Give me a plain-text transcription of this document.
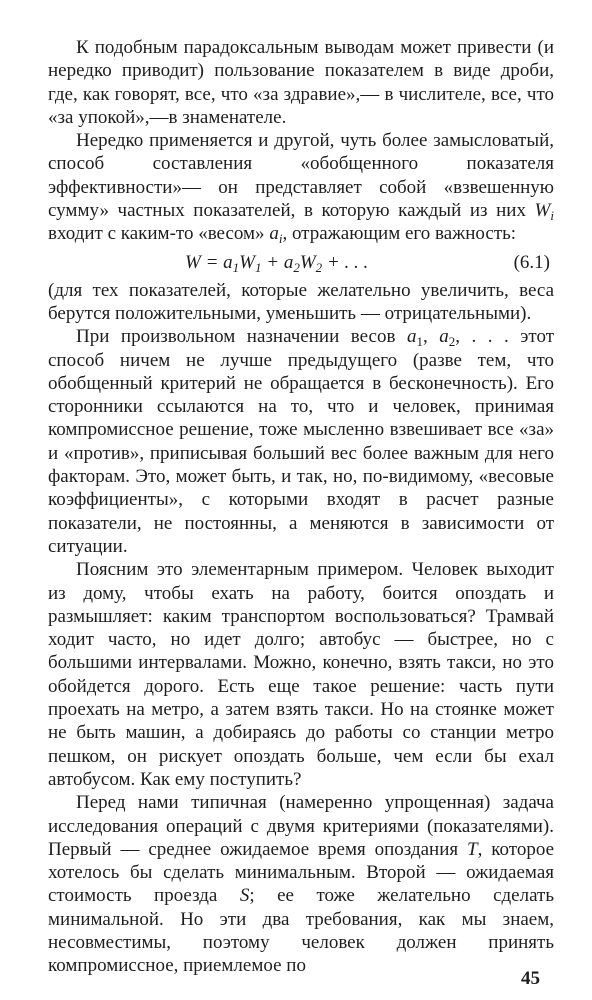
К подобным парадоксальным выводам может привести (и нередко приводит) пользование показателем в виде дроби, где, как говорят, все, что «за здравие»,— в числителе, все, что «за упокой»,—в знаменателе.

Нередко применяется и другой, чуть более замысловатый, способ составления «обобщенного показателя эффективности»— он представляет собой «взвешенную сумму» частных показателей, в которую каждый из них $W_i$ входит с каким-то «весом» $a_i$, отражающим его важность:

$W = a_1W_1 + a_2W_2$ + . . .	(6.1)

(для тех показателей, которые желательно увеличить, веса берутся положительными, уменьшить — отрицательными).

При произвольном назначении весов $a_1$, $a_2$, . . . этот способ ничем не лучше предыдущего (разве тем, что обобщенный критерий не обращается в бесконечность). Его сторонники ссылаются на то, что и человек, принимая компромиссное решение, тоже мысленно взвешивает все «за» и «против», приписывая больший вес более важным для него факторам. Это, может быть, и так, но, по-видимому, «весовые коэффициенты», с которыми входят в расчет разные показатели, не постоянны, а меняются в зависимости от ситуации.

Поясним это элементарным примером. Человек выходит из дому, чтобы ехать на работу, боится опоздать и размышляет: каким транспортом воспользоваться? Трамвай ходит часто, но идет долго; автобус — быстрее, но с большими интервалами. Можно, конечно, взять такси, но это обойдется дорого. Есть еще такое решение: часть пути проехать на метро, а затем взять такси. Но на стоянке может не быть машин, а добираясь до работы со станции метро пешком, он рискует опоздать больше, чем если бы ехал автобусом. Как ему поступить?

Перед нами типичная (намеренно упрощенная) задача исследования операций с двумя критериями (показателями). Первый — среднее ожидаемое время опоздания T, которое хотелось бы сделать минимальным. Второй — ожидаемая стоимость проезда S; ее тоже желательно сделать минимальной. Но эти два требования, как мы знаем, несовместимы, поэтому человек должен принять компромиссное, приемлемое по

45
